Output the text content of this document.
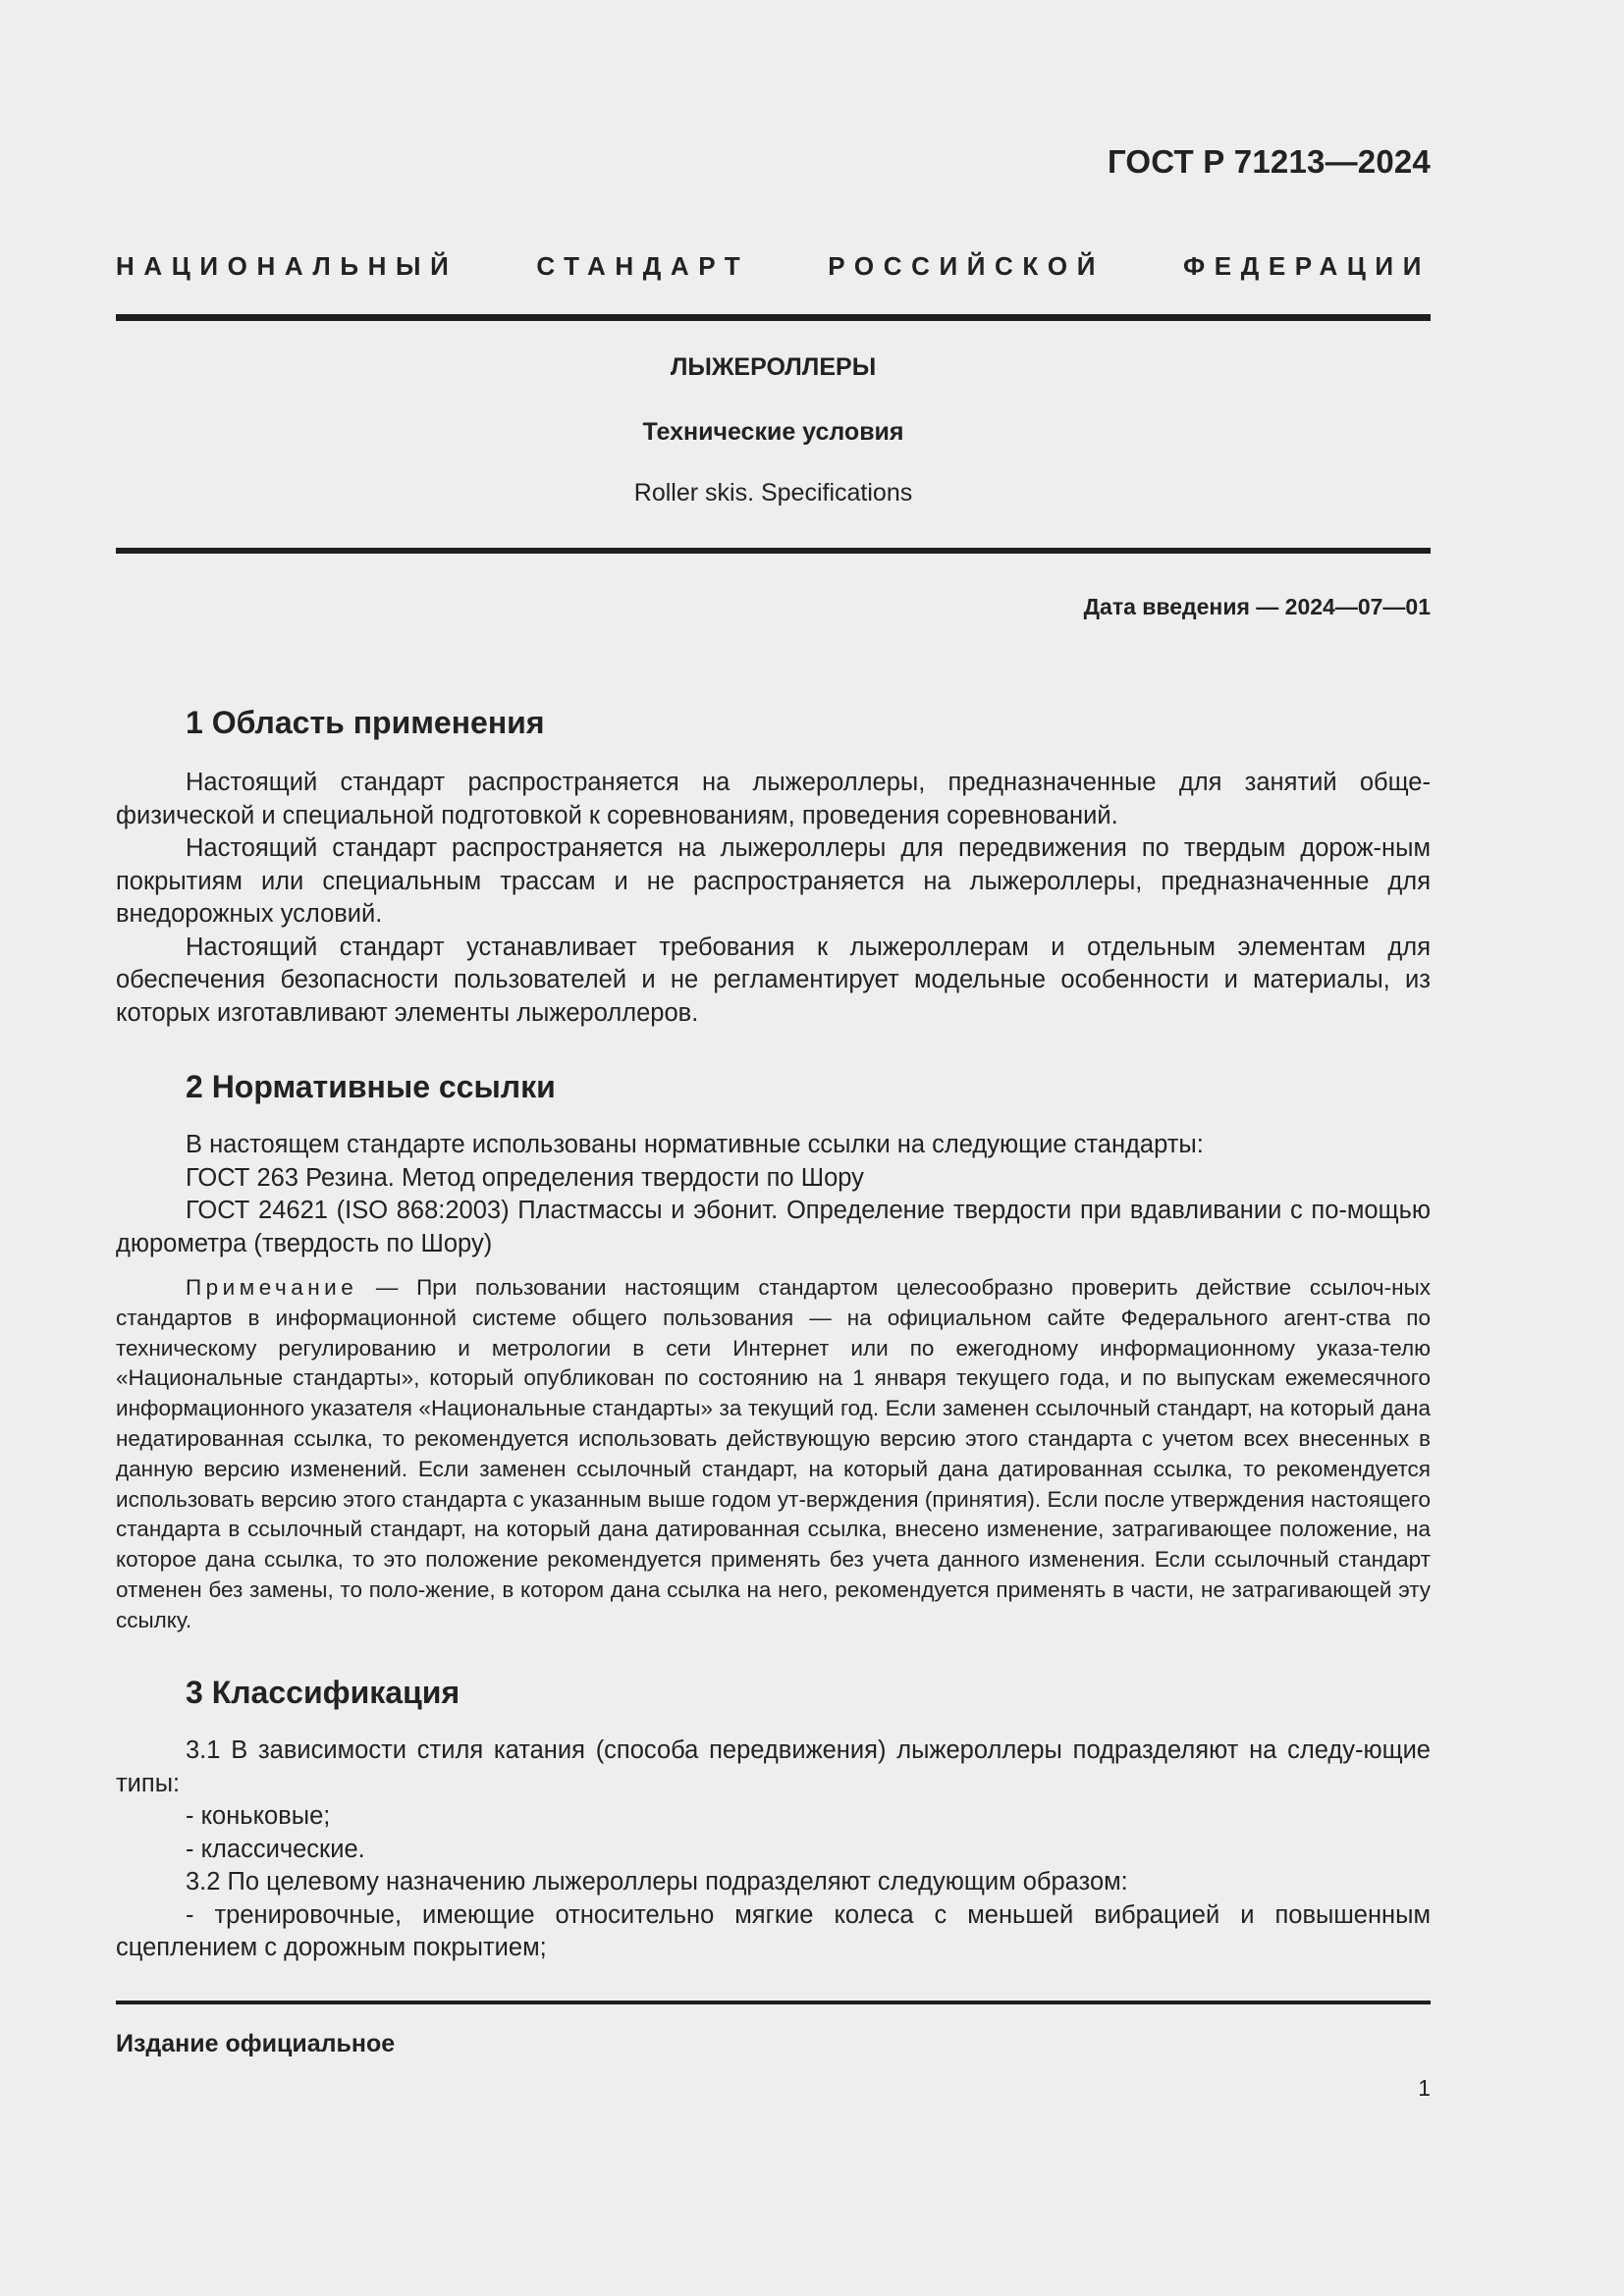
ГОСТ Р 71213—2024
НАЦИОНАЛЬНЫЙ СТАНДАРТ РОССИЙСКОЙ ФЕДЕРАЦИИ
ЛЫЖЕРОЛЛЕРЫ
Технические условия
Roller skis. Specifications
Дата введения — 2024—07—01
1 Область применения
Настоящий стандарт распространяется на лыжероллеры, предназначенные для занятий обще-физической и специальной подготовкой к соревнованиям, проведения соревнований.
Настоящий стандарт распространяется на лыжероллеры для передвижения по твердым дорож-ным покрытиям или специальным трассам и не распространяется на лыжероллеры, предназначенные для внедорожных условий.
Настоящий стандарт устанавливает требования к лыжероллерам и отдельным элементам для обеспечения безопасности пользователей и не регламентирует модельные особенности и материалы, из которых изготавливают элементы лыжероллеров.
2 Нормативные ссылки
В настоящем стандарте использованы нормативные ссылки на следующие стандарты:
ГОСТ 263 Резина. Метод определения твердости по Шору
ГОСТ 24621 (ISO 868:2003) Пластмассы и эбонит. Определение твердости при вдавливании с по-мощью дюрометра (твердость по Шору)
Примечание — При пользовании настоящим стандартом целесообразно проверить действие ссылоч-ных стандартов в информационной системе общего пользования — на официальном сайте Федерального агент-ства по техническому регулированию и метрологии в сети Интернет или по ежегодному информационному указа-телю «Национальные стандарты», который опубликован по состоянию на 1 января текущего года, и по выпускам ежемесячного информационного указателя «Национальные стандарты» за текущий год. Если заменен ссылочный стандарт, на который дана недатированная ссылка, то рекомендуется использовать действующую версию этого стандарта с учетом всех внесенных в данную версию изменений. Если заменен ссылочный стандарт, на который дана датированная ссылка, то рекомендуется использовать версию этого стандарта с указанным выше годом ут-верждения (принятия). Если после утверждения настоящего стандарта в ссылочный стандарт, на который дана датированная ссылка, внесено изменение, затрагивающее положение, на которое дана ссылка, то это положение рекомендуется применять без учета данного изменения. Если ссылочный стандарт отменен без замены, то поло-жение, в котором дана ссылка на него, рекомендуется применять в части, не затрагивающей эту ссылку.
3 Классификация
3.1 В зависимости стиля катания (способа передвижения) лыжероллеры подразделяют на следу-ющие типы:
- коньковые;
- классические.
3.2 По целевому назначению лыжероллеры подразделяют следующим образом:
- тренировочные, имеющие относительно мягкие колеса с меньшей вибрацией и повышенным сцеплением с дорожным покрытием;
Издание официальное
1
